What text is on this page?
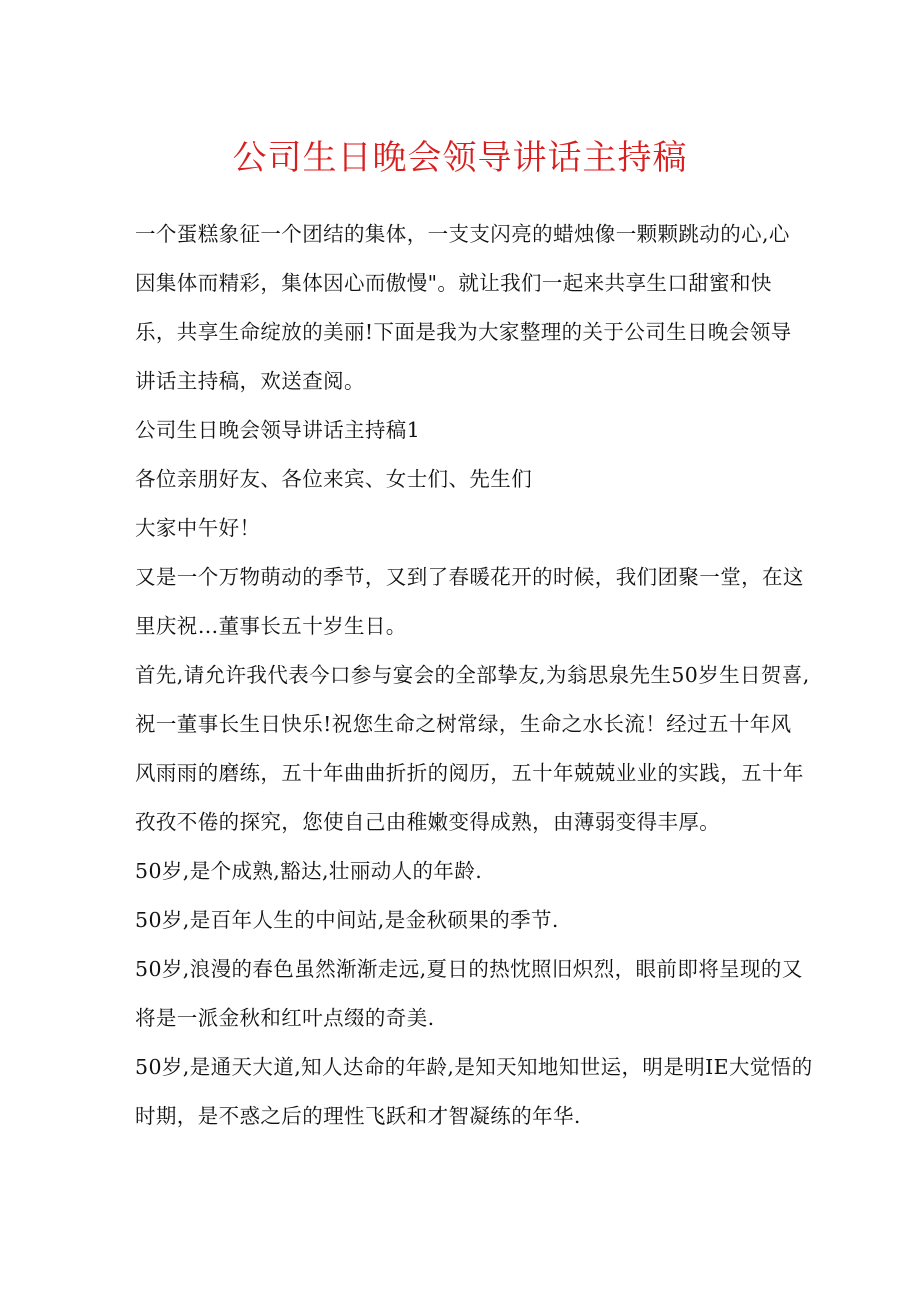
公司生日晚会领导讲话主持稿
一个蛋糕象征一个团结的集体，一支支闪亮的蜡烛像一颗颗跳动的心,心
因集体而精彩，集体因心而傲慢"。就让我们一起来共享生口甜蜜和快
乐，共享生命绽放的美丽!下面是我为大家整理的关于公司生日晚会领导
讲话主持稿，欢送查阅。
公司生日晚会领导讲话主持稿1
各位亲朋好友、各位来宾、女士们、先生们
大家中午好！
又是一个万物萌动的季节，又到了春暖花开的时候，我们团聚一堂，在这
里庆祝…董事长五十岁生日。
首先,请允许我代表今口参与宴会的全部挚友,为翁思泉先生50岁生日贺喜,
祝一董事长生日快乐!祝您生命之树常绿，生命之水长流！经过五十年风
风雨雨的磨练，五十年曲曲折折的阅历，五十年兢兢业业的实践，五十年
孜孜不倦的探究，您使自己由稚嫩变得成熟，由薄弱变得丰厚。
50岁,是个成熟,豁达,壮丽动人的年龄.
50岁,是百年人生的中间站,是金秋硕果的季节.
50岁,浪漫的春色虽然渐渐走远,夏日的热忱照旧炽烈，眼前即将呈现的又
将是一派金秋和红叶点缀的奇美.
50岁,是通天大道,知人达命的年龄,是知天知地知世运，明是明IE大觉悟的
时期，是不惑之后的理性飞跃和才智凝练的年华.
